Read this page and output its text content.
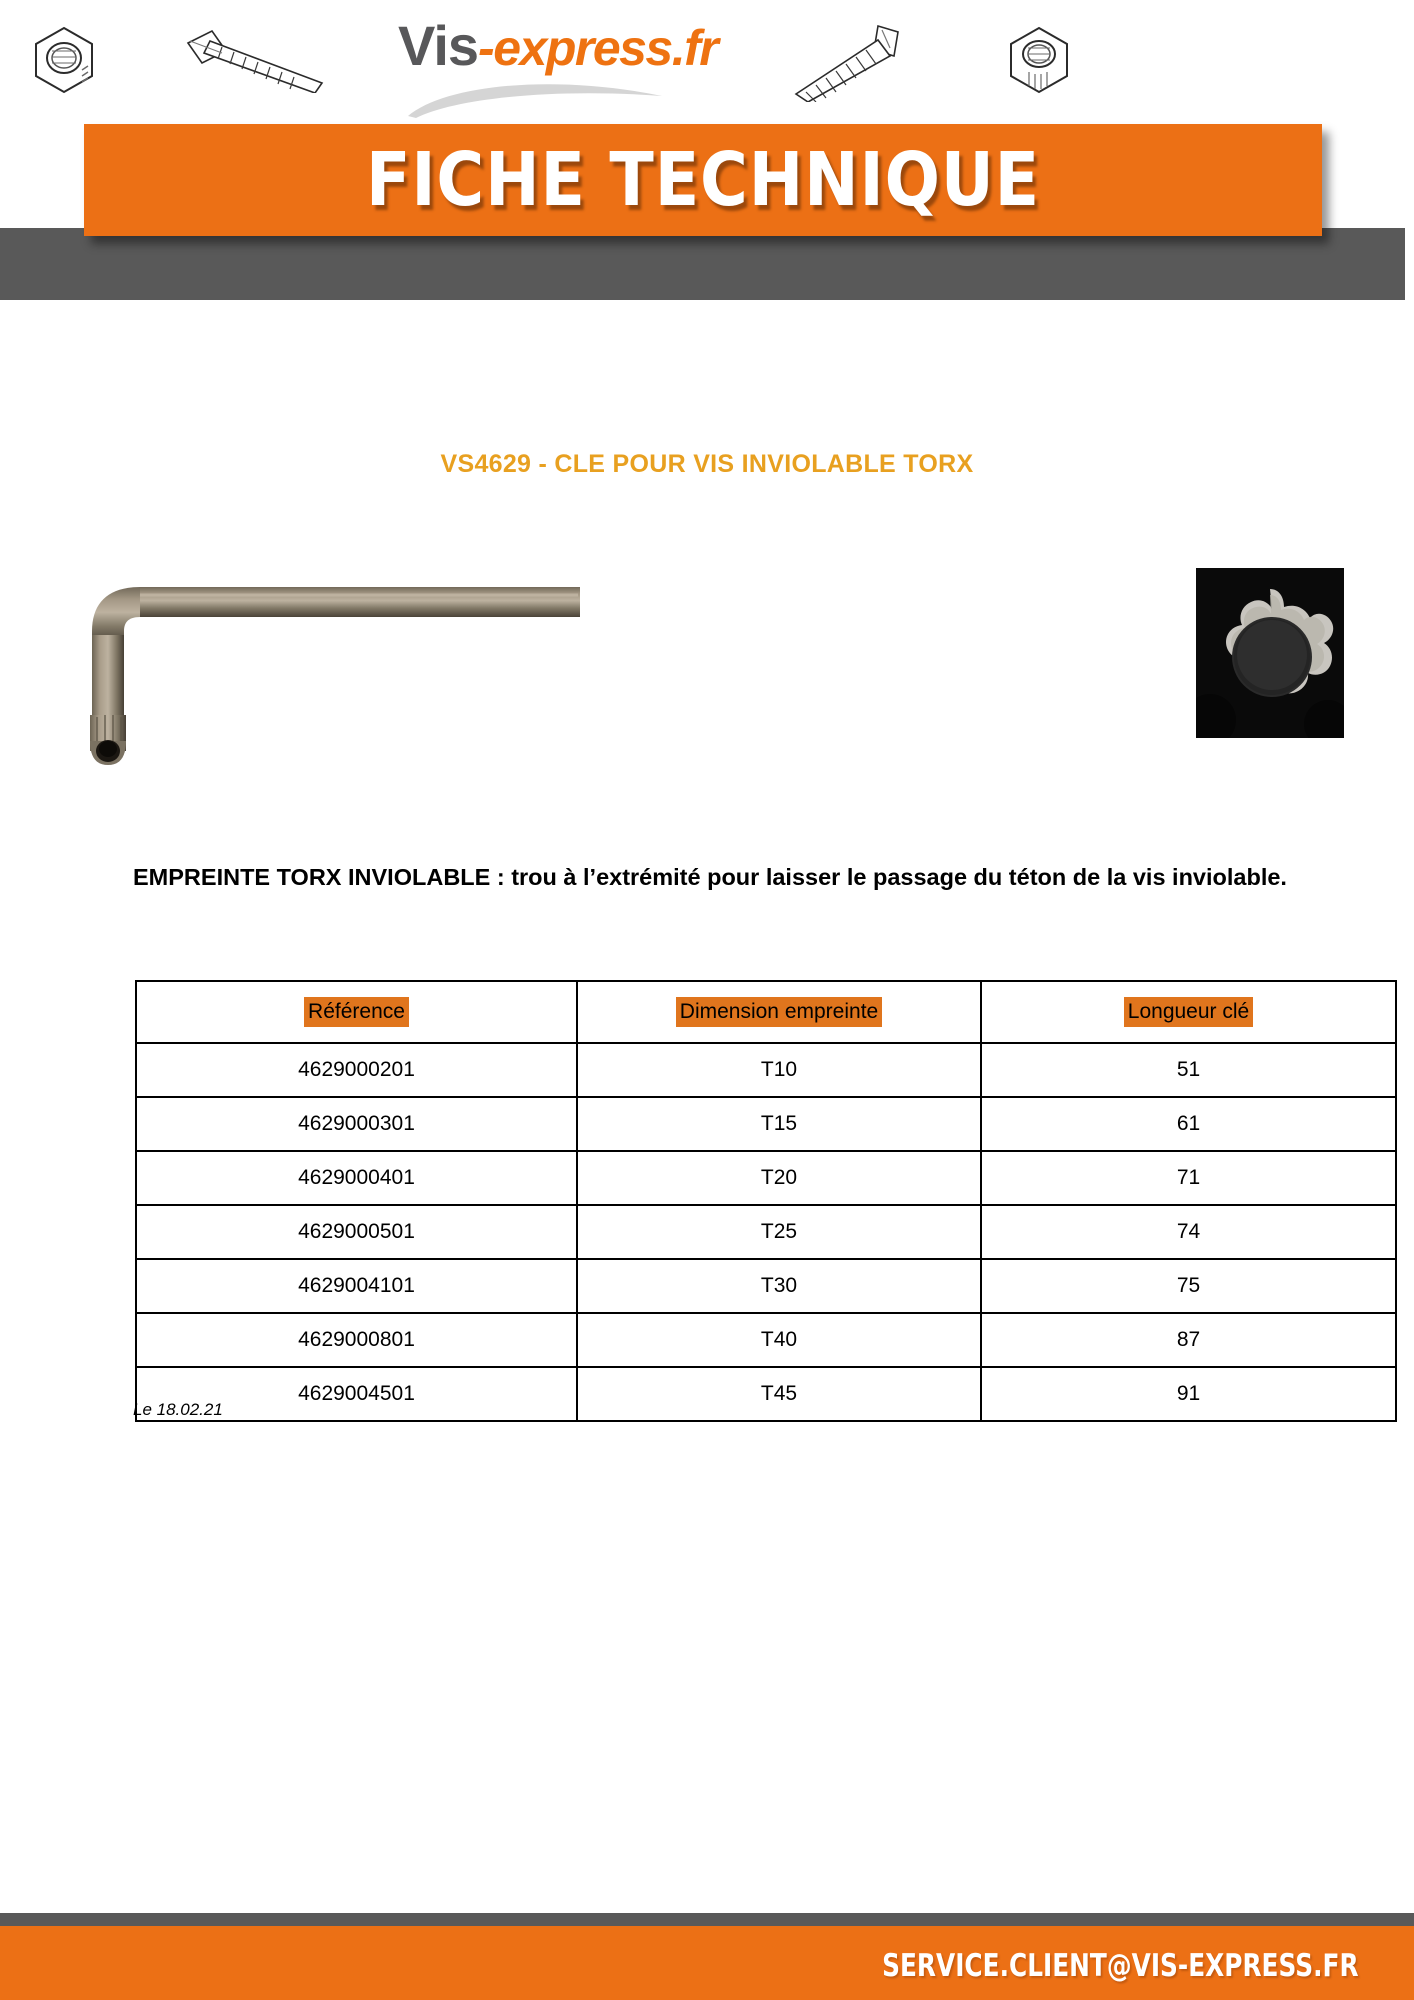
Vis-express.fr
FICHE TECHNIQUE
VS4629 - CLE POUR VIS INVIOLABLE TORX
EMPREINTE TORX INVIOLABLE : trou à l’extrémité pour laisser le passage du téton de la vis inviolable.
Référence	Dimension empreinte	Longueur clé
4629000201	T10	51
4629000301	T15	61
4629000401	T20	71
4629000501	T25	74
4629004101	T30	75
4629000801	T40	87
4629004501	T45	91
Le 18.02.21
SERVICE.CLIENT@VIS-EXPRESS.FR
